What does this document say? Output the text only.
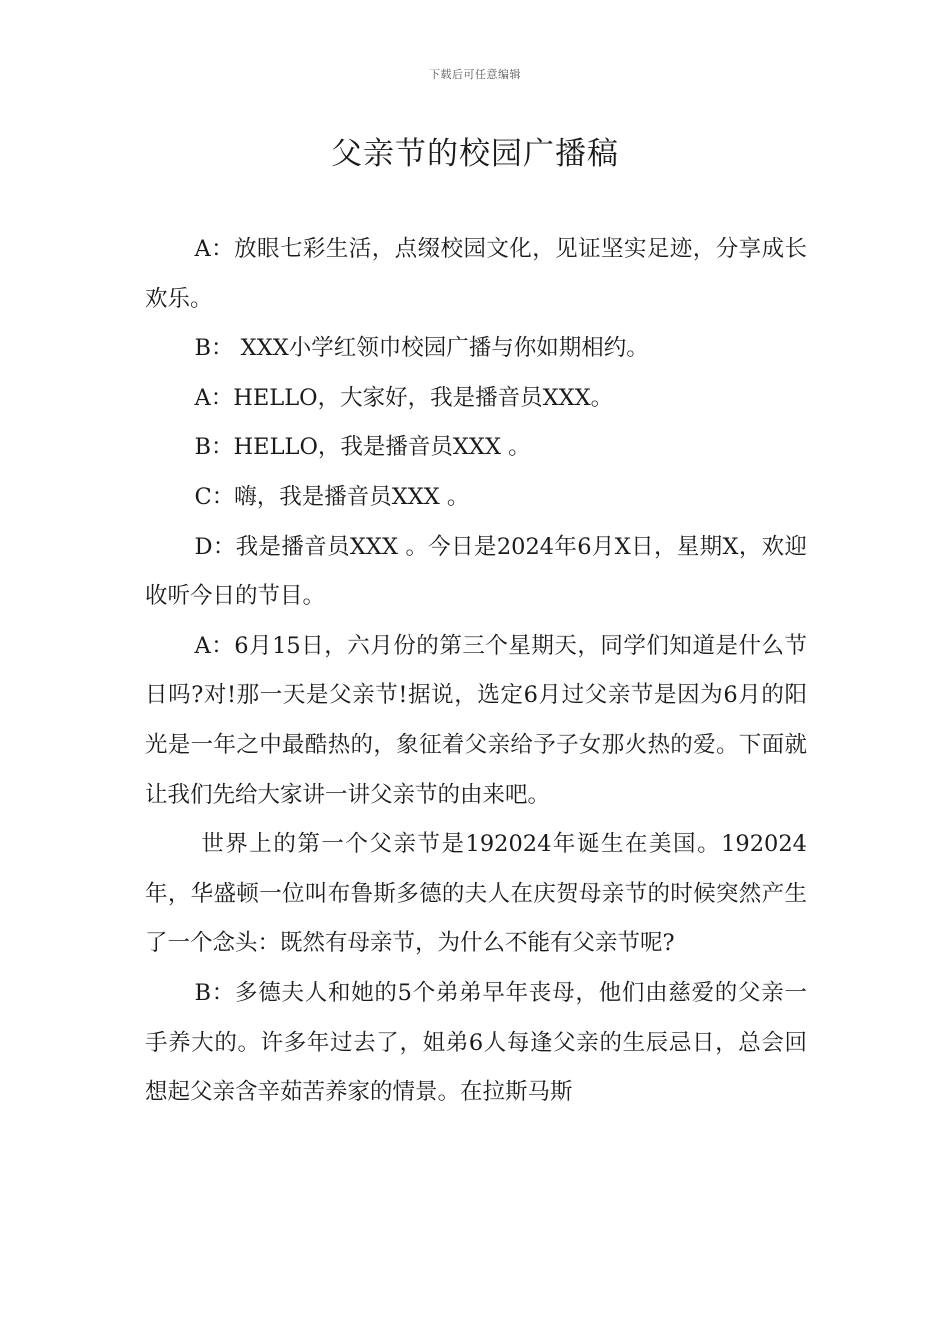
下载后可任意编辑
父亲节的校园广播稿

A：放眼七彩生活，点缀校园文化，见证坚实足迹，分享成长欢乐。

B： XXX小学红领巾校园广播与你如期相约。

A：HELLO，大家好，我是播音员XXX。

B：HELLO，我是播音员XXX 。

C：嗨，我是播音员XXX 。

D：我是播音员XXX 。今日是2024年6月X日，星期X，欢迎收听今日的节目。

A：6月15日，六月份的第三个星期天，同学们知道是什么节日吗?对!那一天是父亲节!据说，选定6月过父亲节是因为6月的阳光是一年之中最酷热的，象征着父亲给予子女那火热的爱。下面就让我们先给大家讲一讲父亲节的由来吧。

世界上的第一个父亲节是192024年诞生在美国。192024年，华盛顿一位叫布鲁斯多德的夫人在庆贺母亲节的时候突然产生了一个念头：既然有母亲节，为什么不能有父亲节呢?

B：多德夫人和她的5个弟弟早年丧母，他们由慈爱的父亲一手养大的。许多年过去了，姐弟6人每逢父亲的生辰忌日，总会回想起父亲含辛茹苦养家的情景。在拉斯马斯
